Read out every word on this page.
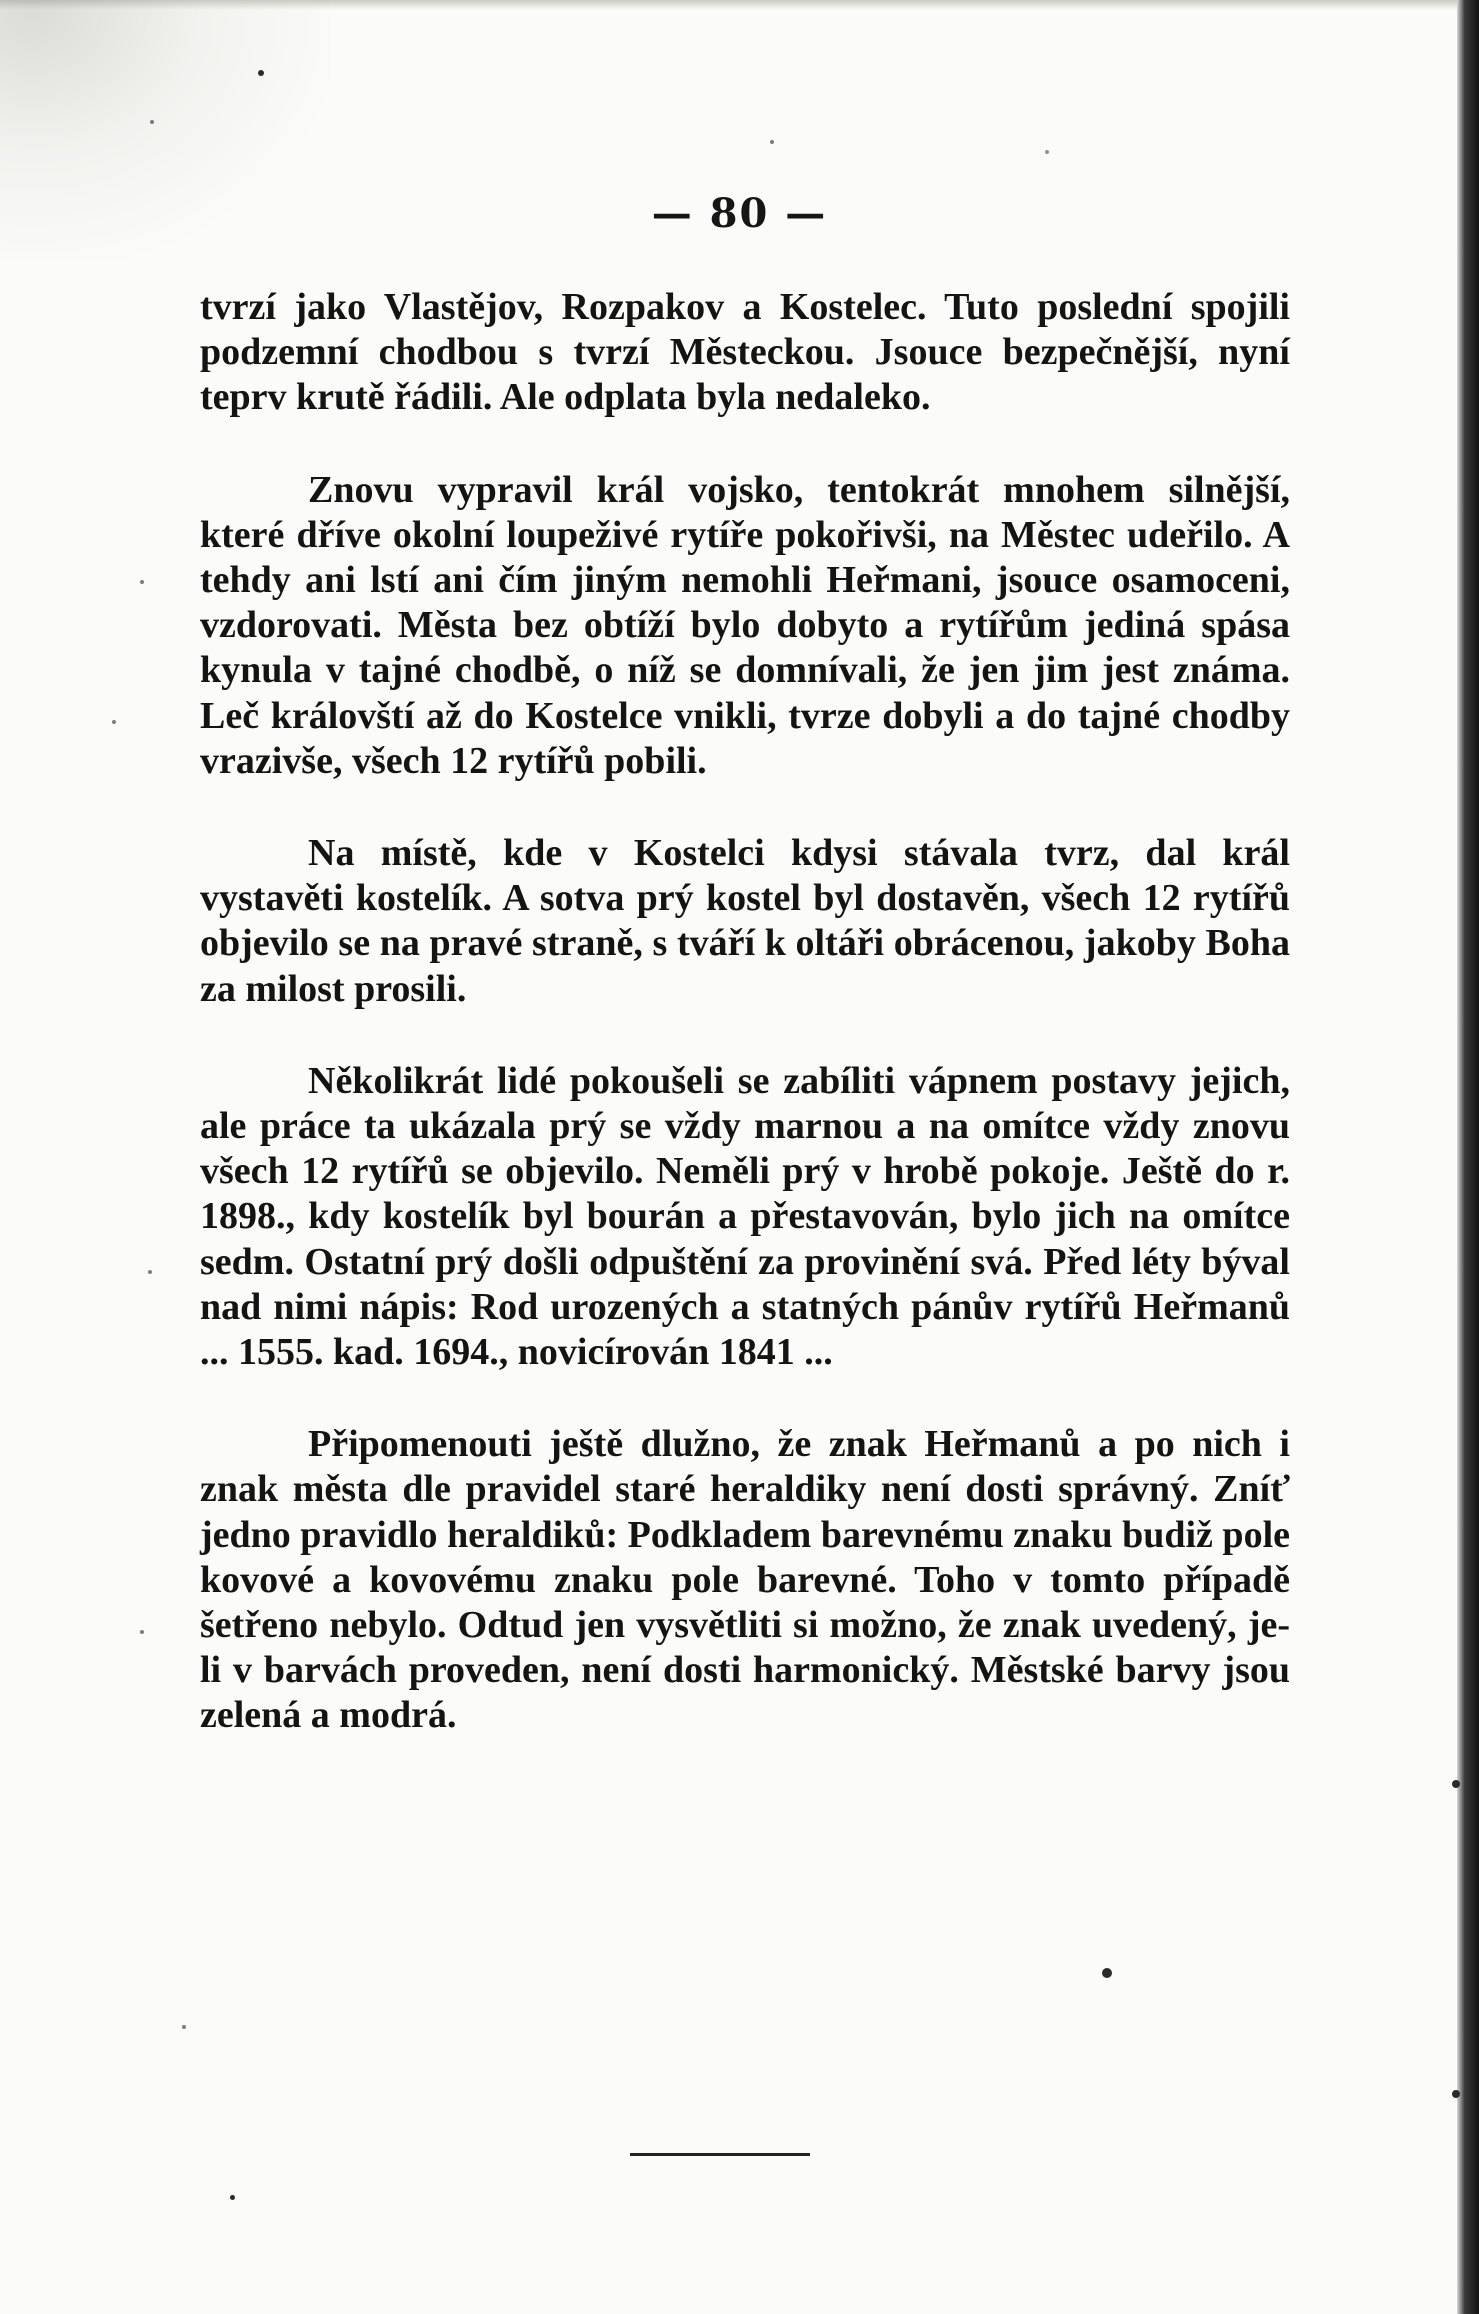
— 80 —

tvrzí jako Vlastějov, Rozpakov a Kostelec. Tuto poslední spojili podzemní chodbou s tvrzí Městeckou. Jsouce bezpečnější, nyní teprv krutě řádili. Ale odplata byla nedaleko.

Znovu vypravil král vojsko, tentokrát mnohem silnější, které dříve okolní loupeživé rytíře pokořivši, na Městec udeřilo. A tehdy ani lstí ani čím jiným nemohli Heřmani, jsouce osamoceni, vzdorovati. Města bez obtíží bylo dobyto a rytířům jediná spása kynula v tajné chodbě, o níž se domnívali, že jen jim jest známa. Leč královští až do Kostelce vnikli, tvrze dobyli a do tajné chodby vrazivše, všech 12 rytířů pobili.

Na místě, kde v Kostelci kdysi stávala tvrz, dal král vystavěti kostelík. A sotva prý kostel byl dostavěn, všech 12 rytířů objevilo se na pravé straně, s tváří k oltáři obrácenou, jakoby Boha za milost prosili.

Několikrát lidé pokoušeli se zabíliti vápnem postavy jejich, ale práce ta ukázala prý se vždy marnou a na omítce vždy znovu všech 12 rytířů se objevilo. Neměli prý v hrobě pokoje. Ještě do r. 1898., kdy kostelík byl bourán a přestavován, bylo jich na omítce sedm. Ostatní prý došli odpuštění za provinění svá. Před léty býval nad nimi nápis: Rod urozených a statných pánův rytířů Heřmanů ... 1555. kad. 1694., novicírován 1841 ...

Připomenouti ještě dlužno, že znak Heřmanů a po nich i znak města dle pravidel staré heraldiky není dosti správný. Zníť jedno pravidlo heraldiků: Podkladem barevnému znaku budiž pole kovové a kovovému znaku pole barevné. Toho v tomto případě šetřeno nebylo. Odtud jen vysvětliti si možno, že znak uvedený, je-li v barvách proveden, není dosti harmonický. Městské barvy jsou zelená a modrá.
